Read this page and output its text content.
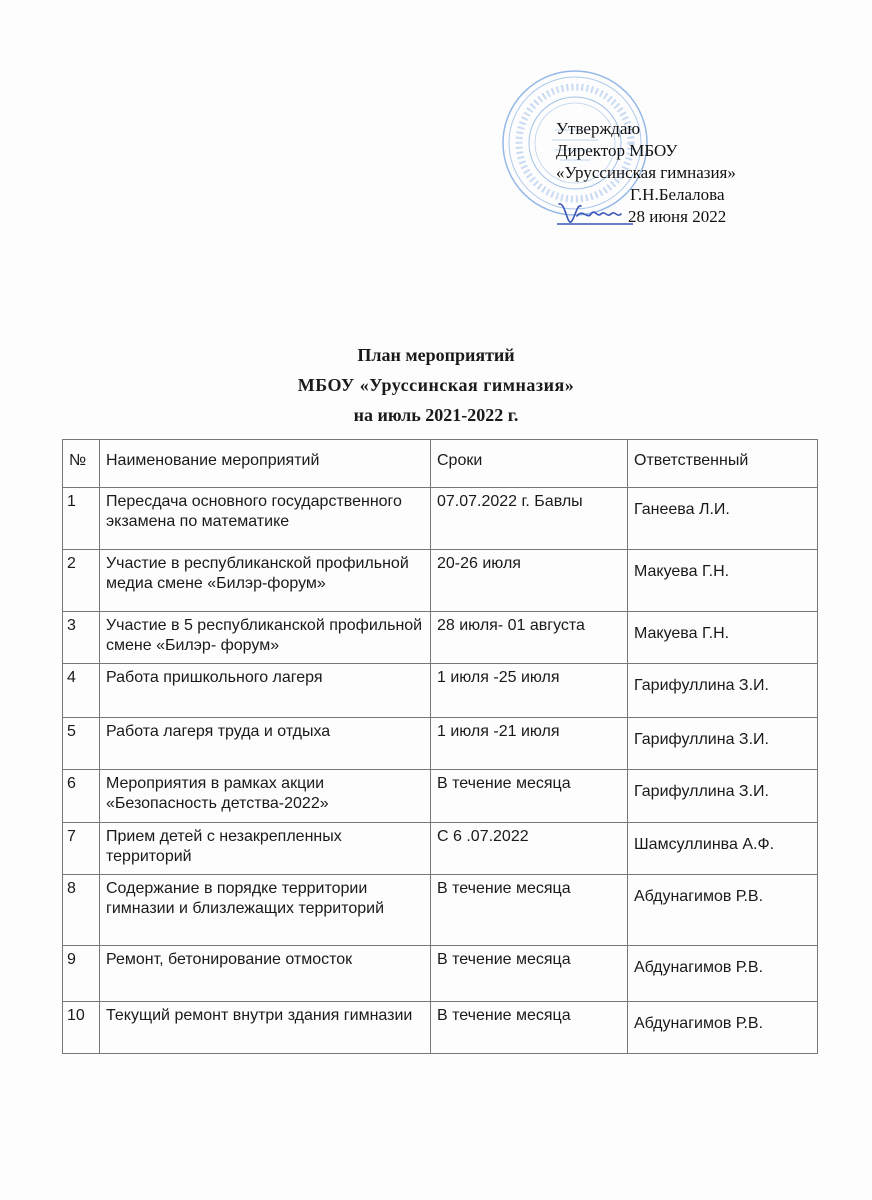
Утверждаю
Директор МБОУ
«Уруссинская гимназия»
Г.Н.Белалова
28 июня 2022
План мероприятий
МБОУ «Уруссинская гимназия»
на июль 2021-2022 г.
№	Наименование мероприятий	Сроки	Ответственный
1	Пересдача основного государственного экзамена по математике	07.07.2022 г. Бавлы	Ганеева Л.И.
2	Участие в республиканской профильной медиа смене «Билэр-форум»	20-26 июля	Макуева Г.Н.
3	Участие в 5 республиканской профильной смене «Билэр- форум»	28 июля- 01 августа	Макуева Г.Н.
4	Работа пришкольного лагеря	1 июля -25 июля	Гарифуллина З.И.
5	Работа лагеря труда и отдыха	1 июля -21 июля	Гарифуллина З.И.
6	Мероприятия в рамках акции «Безопасность детства-2022»	В течение месяца	Гарифуллина З.И.
7	Прием детей с незакрепленных территорий	С 6 .07.2022	Шамсуллинва А.Ф.
8	Содержание в порядке территории гимназии и близлежащих территорий	В течение месяца	Абдунагимов Р.В.
9	Ремонт, бетонирование отмосток	В течение месяца	Абдунагимов Р.В.
10	Текущий ремонт внутри здания гимназии	В течение месяца	Абдунагимов Р.В.
